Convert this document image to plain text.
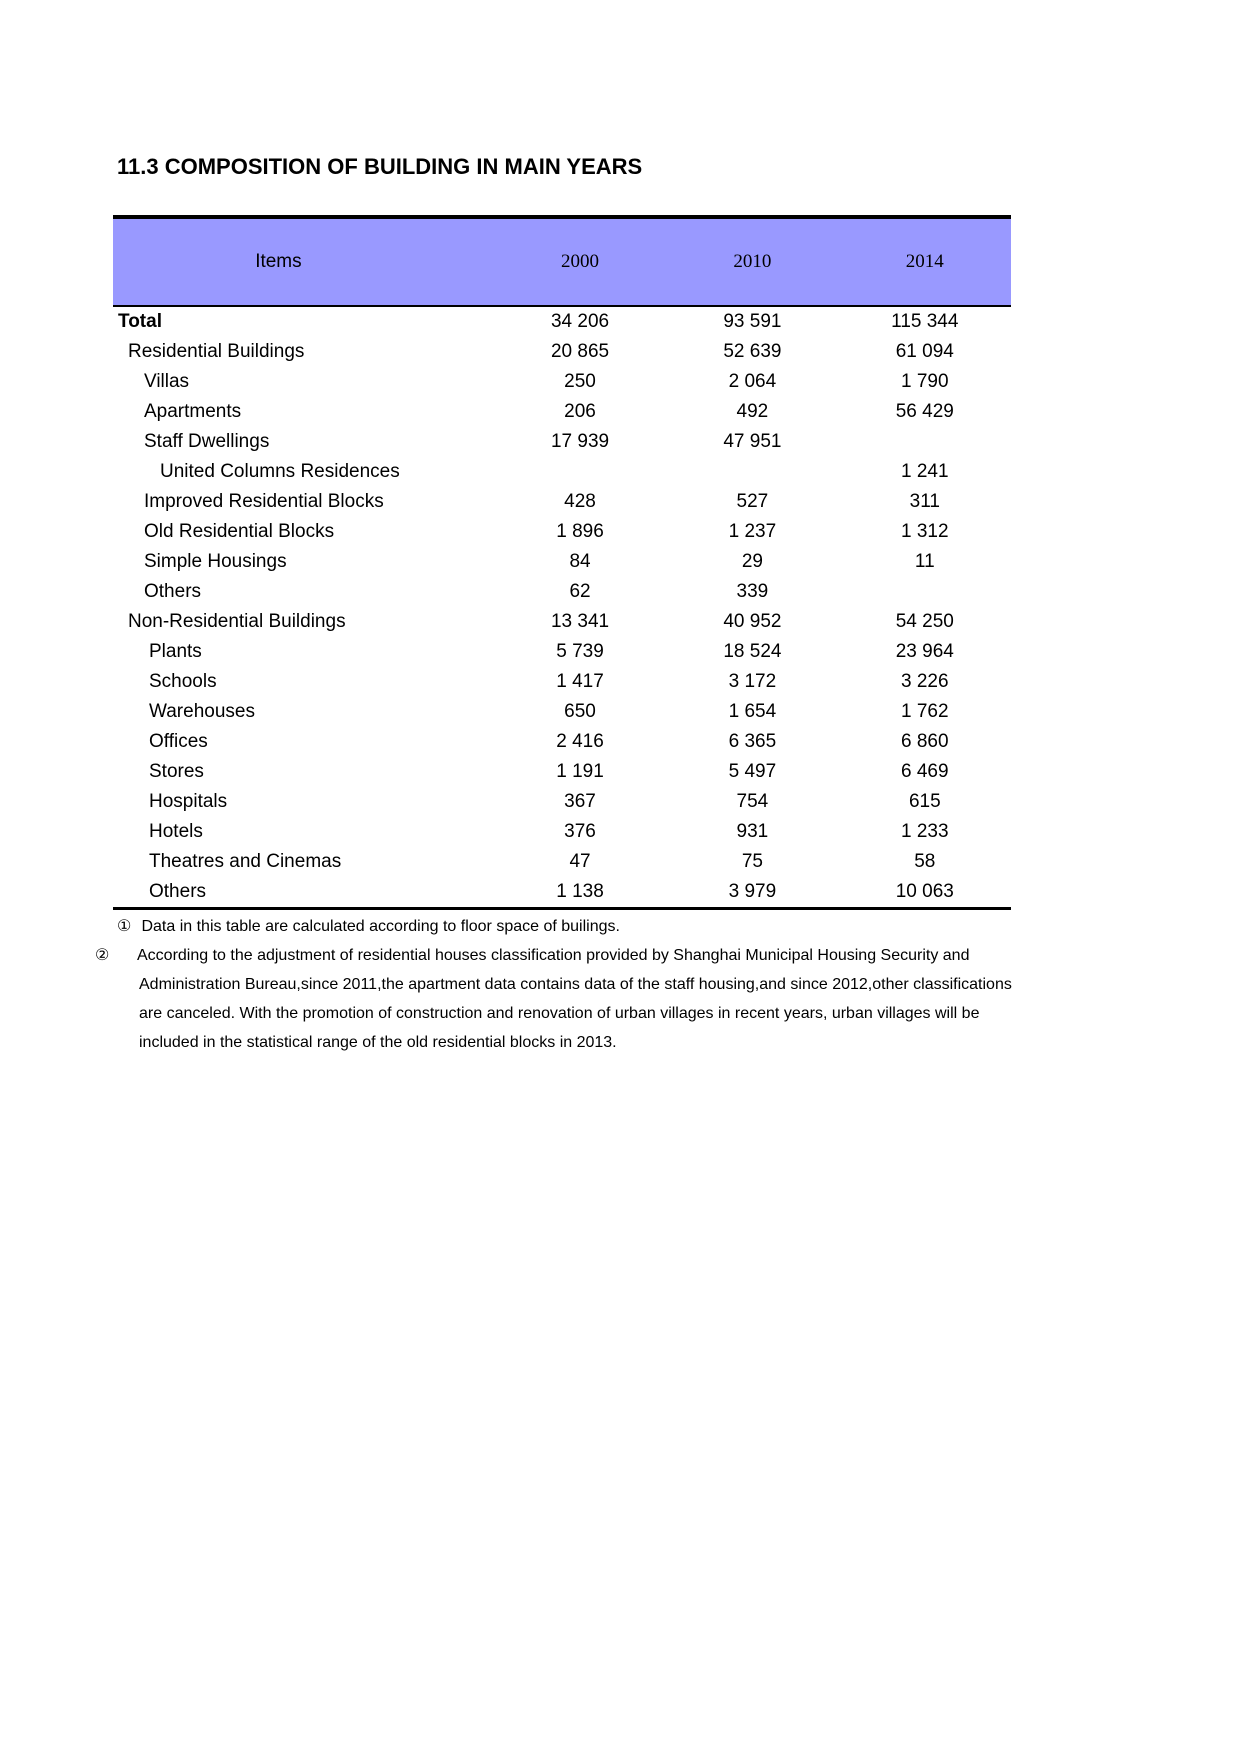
11.3 COMPOSITION OF BUILDING IN MAIN YEARS
Items	2000	2010	2014
Total	34 206	93 591	115 344
Residential Buildings	20 865	52 639	61 094
Villas	250	2 064	1 790
Apartments	206	492	56 429
Staff Dwellings	17 939	47 951	
United Columns Residences			1 241
Improved Residential Blocks	428	527	311
Old Residential Blocks	1 896	1 237	1 312
Simple Housings	84	29	11
Others	62	339	
Non-Residential Buildings	13 341	40 952	54 250
Plants	5 739	18 524	23 964
Schools	1 417	3 172	3 226
Warehouses	650	1 654	1 762
Offices	2 416	6 365	6 860
Stores	1 191	5 497	6 469
Hospitals	367	754	615
Hotels	376	931	1 233
Theatres and Cinemas	47	75	58
Others	1 138	3 979	10 063

① Data in this table are calculated according to floor space of builings.

② According to the adjustment of residential houses classification provided by Shanghai Municipal Housing Security and Administration Bureau,since 2011,the apartment data contains data of the staff housing,and since 2012,other classifications are canceled. With the promotion of construction and renovation of urban villages in recent years, urban villages will be included in the statistical range of the old residential blocks in 2013.
